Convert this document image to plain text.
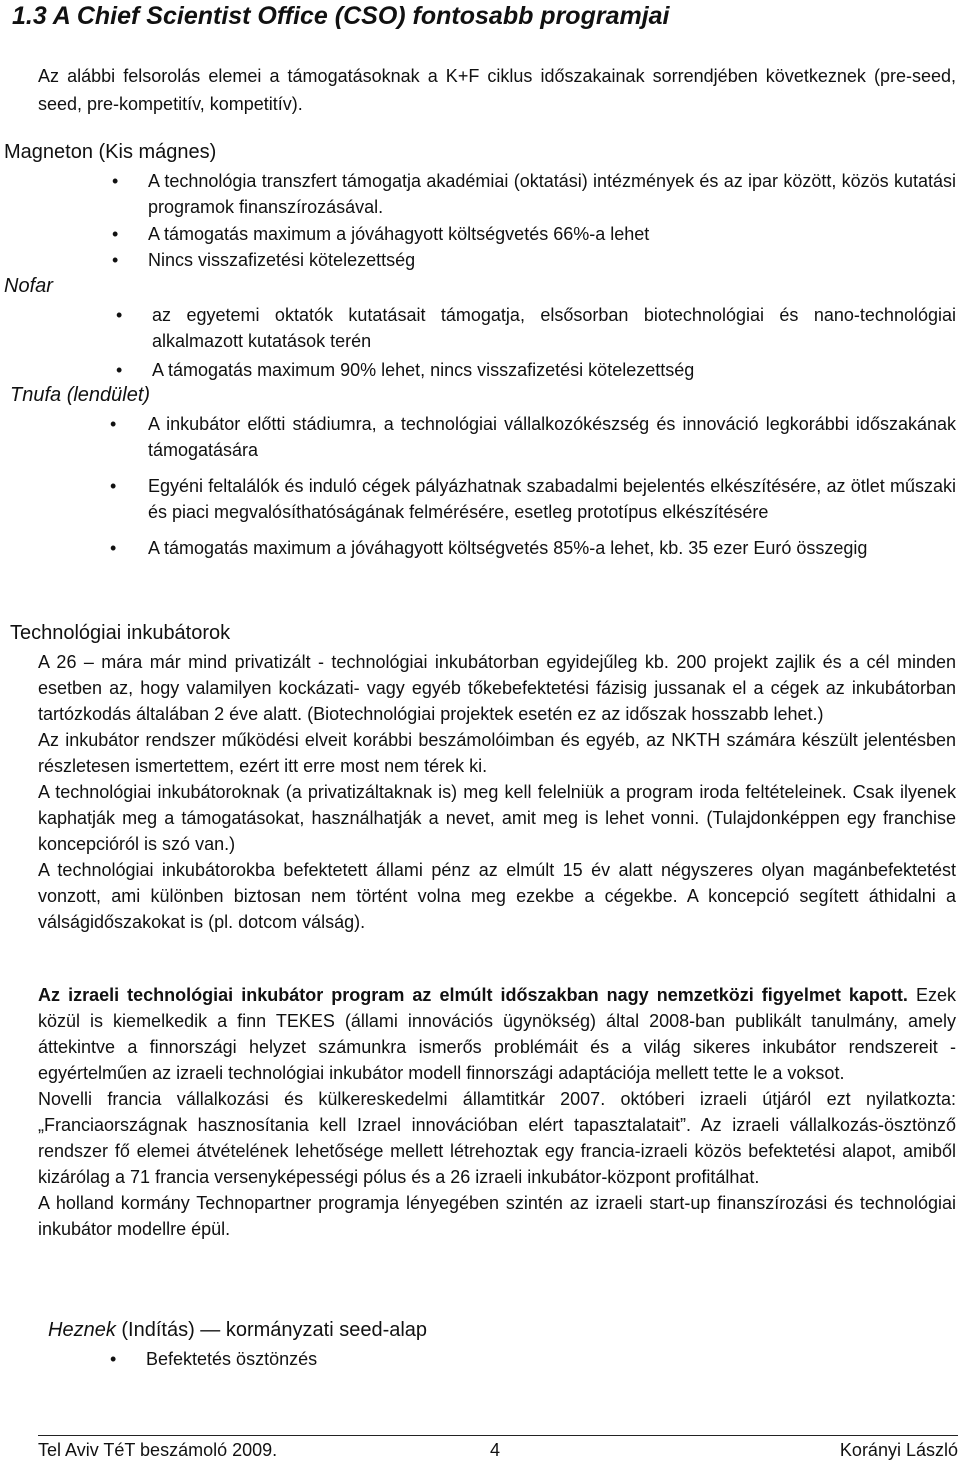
1.3 A Chief Scientist Office (CSO) fontosabb programjai
Az alábbi felsorolás elemei a támogatásoknak a K+F ciklus időszakainak sorrendjében következnek (pre-seed, seed, pre-kompetitív, kompetitív).
Magneton (Kis mágnes)
• A technológia transzfert támogatja akadémiai (oktatási) intézmények és az ipar között, közös kutatási programok finanszírozásával.
• A támogatás maximum a jóváhagyott költségvetés 66%-a lehet
• Nincs visszafizetési kötelezettség
Nofar
• az egyetemi oktatók kutatásait támogatja, elsősorban biotechnológiai és nano-technológiai alkalmazott kutatások terén
• A támogatás maximum 90% lehet, nincs visszafizetési kötelezettség
Tnufa (lendület)
• A inkubátor előtti stádiumra, a technológiai vállalkozókészség és innováció legkorábbi időszakának támogatására
• Egyéni feltalálók és induló cégek pályázhatnak szabadalmi bejelentés elkészítésére, az ötlet műszaki és piaci megvalósíthatóságának felmérésére, esetleg prototípus elkészítésére
• A támogatás maximum a jóváhagyott költségvetés 85%-a lehet, kb. 35 ezer Euró összegig
Technológiai inkubátorok

A 26 – mára már mind privatizált - technológiai inkubátorban egyidejűleg kb. 200 projekt zajlik és a cél minden esetben az, hogy valamilyen kockázati- vagy egyéb tőkebefektetési fázisig jussanak el a cégek az inkubátorban tartózkodás általában 2 éve alatt. (Biotechnológiai projektek esetén ez az időszak hosszabb lehet.)

Az inkubátor rendszer működési elveit korábbi beszámolóimban és egyéb, az NKTH számára készült jelentésben részletesen ismertettem, ezért itt erre most nem térek ki.

A technológiai inkubátoroknak (a privatizáltaknak is) meg kell felelniük a program iroda feltételeinek. Csak ilyenek kaphatják meg a támogatásokat, használhatják a nevet, amit meg is lehet vonni. (Tulajdonképpen egy franchise koncepcióról is szó van.)

A technológiai inkubátorokba befektetett állami pénz az elmúlt 15 év alatt négyszeres olyan magánbefektetést vonzott, ami különben biztosan nem történt volna meg ezekbe a cégekbe. A koncepció segített áthidalni a válságidőszakokat is (pl. dotcom válság).

Az izraeli technológiai inkubátor program az elmúlt időszakban nagy nemzetközi figyelmet kapott. Ezek közül is kiemelkedik a finn TEKES (állami innovációs ügynökség) által 2008-ban publikált tanulmány, amely áttekintve a finnországi helyzet számunkra ismerős problémáit és a világ sikeres inkubátor rendszereit - egyértelműen az izraeli technológiai inkubátor modell finnországi adaptációja mellett tette le a voksot.

Novelli francia vállalkozási és külkereskedelmi államtitkár 2007. októberi izraeli útjáról ezt nyilatkozta: „Franciaországnak hasznosítania kell Izrael innovációban elért tapasztalatait”. Az izraeli vállalkozás-ösztönző rendszer fő elemei átvételének lehetősége mellett létrehoztak egy francia-izraeli közös befektetési alapot, amiből kizárólag a 71 francia versenyképességi pólus és a 26 izraeli inkubátor-központ profitálhat.

A holland kormány Technopartner programja lényegében szintén az izraeli start-up finanszírozási és technológiai inkubátor modellre épül.

Heznek (Indítás) — kormányzati seed-alap
• Befektetés ösztönzés
Tel Aviv TéT beszámoló 2009.	4	Korányi László
